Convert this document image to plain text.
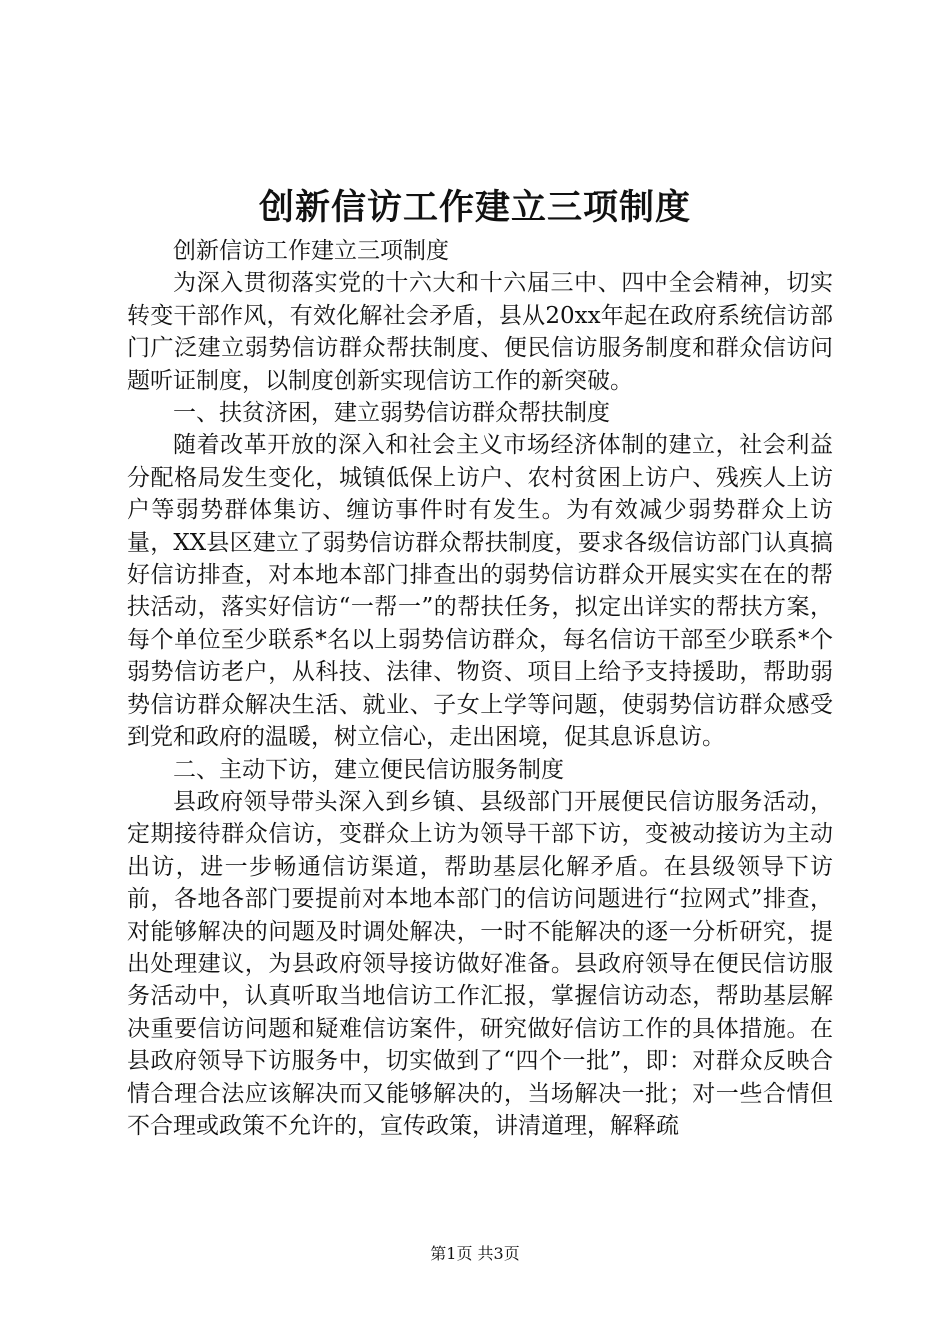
创新信访工作建立三项制度

创新信访工作建立三项制度

为深入贯彻落实党的十六大和十六届三中、四中全会精神，切实转变干部作风，有效化解社会矛盾，县从20xx年起在政府系统信访部门广泛建立弱势信访群众帮扶制度、便民信访服务制度和群众信访问题听证制度，以制度创新实现信访工作的新突破。

一、扶贫济困，建立弱势信访群众帮扶制度

随着改革开放的深入和社会主义市场经济体制的建立，社会利益分配格局发生变化，城镇低保上访户、农村贫困上访户、残疾人上访户等弱势群体集访、缠访事件时有发生。为有效减少弱势群众上访量，XX县区建立了弱势信访群众帮扶制度，要求各级信访部门认真搞好信访排查，对本地本部门排查出的弱势信访群众开展实实在在的帮扶活动，落实好信访“一帮一”的帮扶任务，拟定出详实的帮扶方案，每个单位至少联系*名以上弱势信访群众，每名信访干部至少联系*个弱势信访老户，从科技、法律、物资、项目上给予支持援助，帮助弱势信访群众解决生活、就业、子女上学等问题，使弱势信访群众感受到党和政府的温暖，树立信心，走出困境，促其息诉息访。

二、主动下访，建立便民信访服务制度

县政府领导带头深入到乡镇、县级部门开展便民信访服务活动，定期接待群众信访，变群众上访为领导干部下访，变被动接访为主动出访，进一步畅通信访渠道，帮助基层化解矛盾。在县级领导下访前，各地各部门要提前对本地本部门的信访问题进行“拉网式”排查，对能够解决的问题及时调处解决，一时不能解决的逐一分析研究，提出处理建议，为县政府领导接访做好准备。县政府领导在便民信访服务活动中，认真听取当地信访工作汇报，掌握信访动态，帮助基层解决重要信访问题和疑难信访案件，研究做好信访工作的具体措施。在县政府领导下访服务中，切实做到了“四个一批”，即：对群众反映合情合理合法应该解决而又能够解决的，当场解决一批；对一些合情但不合理或政策不允许的，宣传政策，讲清道理，解释疏

第1页 共3页
